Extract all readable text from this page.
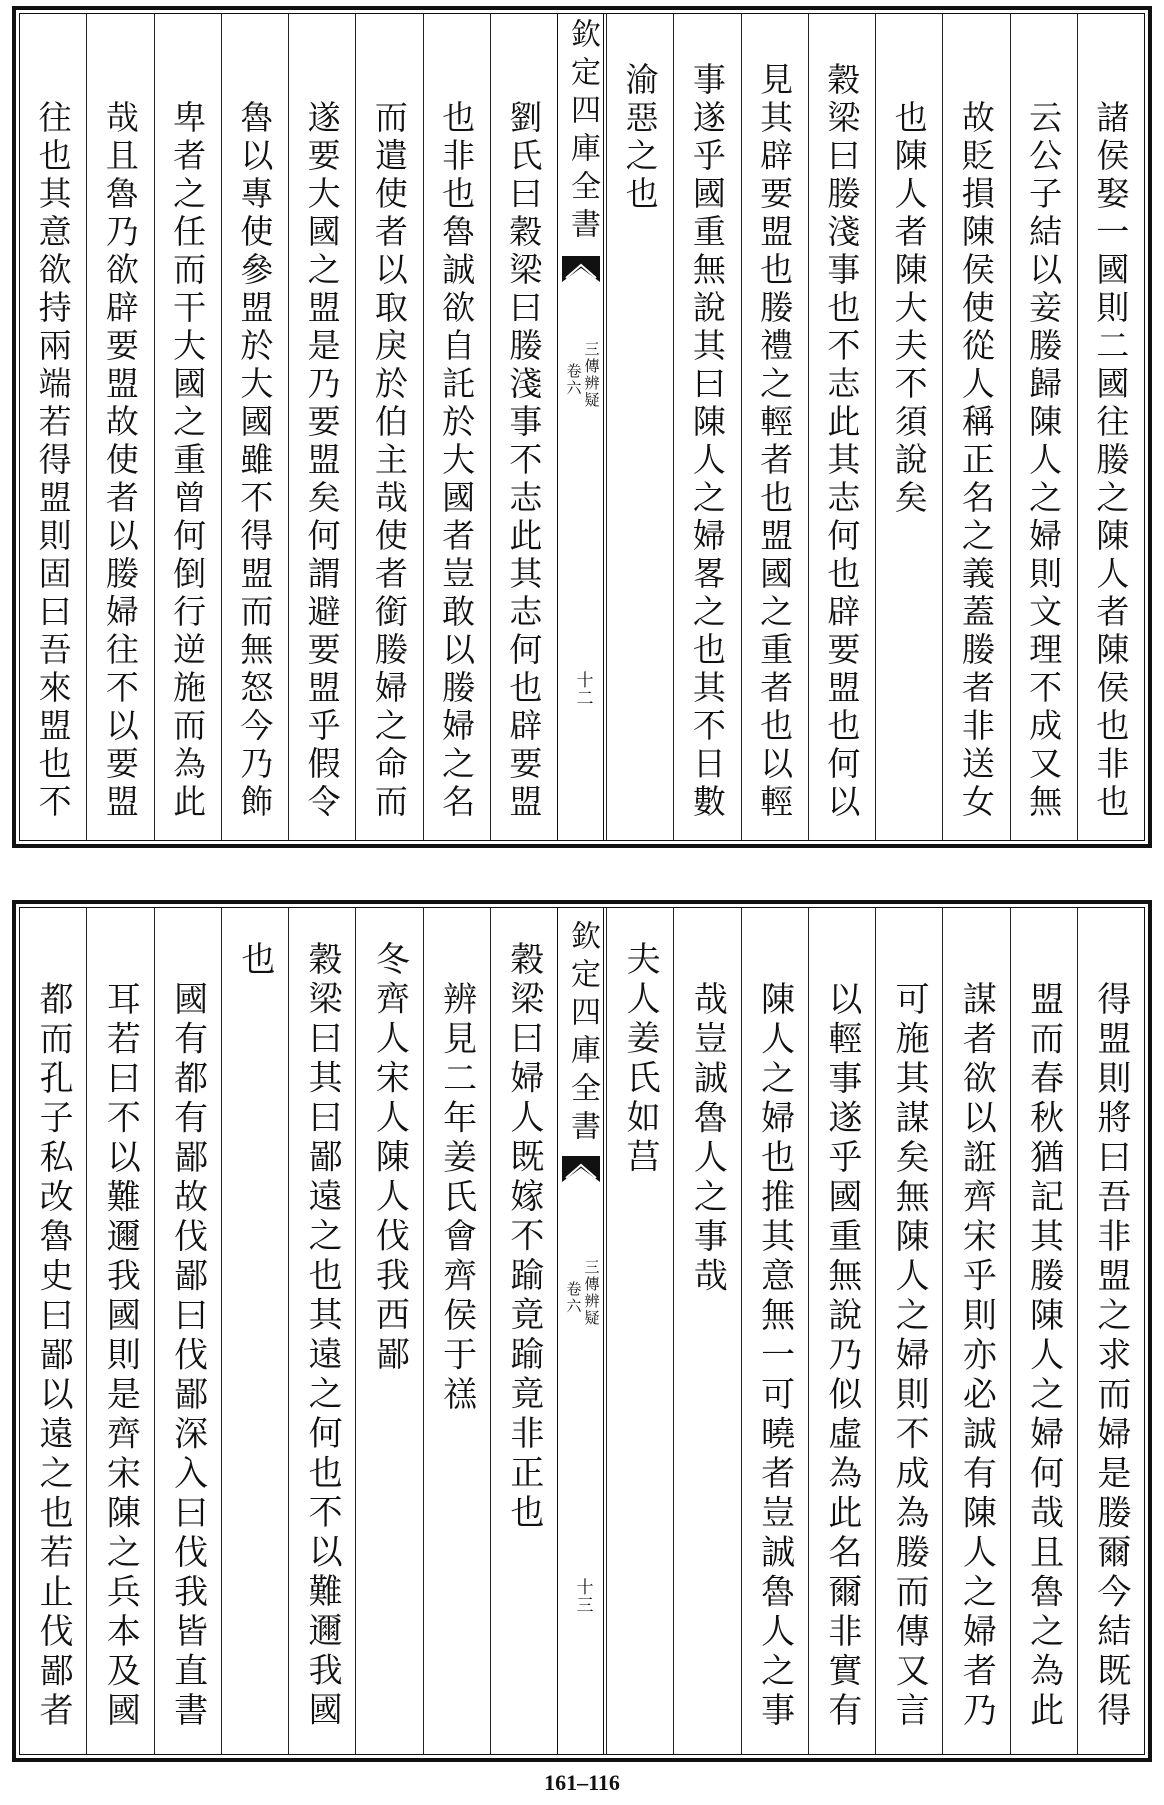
諸侯娶一國則二國往媵之陳人者陳侯也非也
云公子結以妾媵歸陳人之婦則文理不成又無
故貶損陳侯使從人稱正名之義蓋媵者非送女
也陳人者陳大夫不須說矣
穀梁曰媵淺事也不志此其志何也辟要盟也何以
見其辟要盟也媵禮之輕者也盟國之重者也以輕
事遂乎國重無說其曰陳人之婦畧之也其不日數
渝惡之也
欽定四庫全書
三傳辨疑
卷六
十二
劉氏曰穀梁曰媵淺事不志此其志何也辟要盟
也非也魯誠欲自託於大國者豈敢以媵婦之名
而遣使者以取戾於伯主哉使者銜媵婦之命而
遂要大國之盟是乃要盟矣何謂避要盟乎假令
魯以專使參盟於大國雖不得盟而無怒今乃飾
卑者之任而干大國之重曾何倒行逆施而為此
哉且魯乃欲辟要盟故使者以媵婦往不以要盟
往也其意欲持兩端若得盟則固曰吾來盟也不
得盟則將曰吾非盟之求而婦是媵爾今結既得
盟而春秋猶記其媵陳人之婦何哉且魯之為此
謀者欲以誑齊宋乎則亦必誠有陳人之婦者乃
可施其謀矣無陳人之婦則不成為媵而傳又言
以輕事遂乎國重無說乃似虛為此名爾非實有
陳人之婦也推其意無一可曉者豈誠魯人之事
哉豈誠魯人之事哉
夫人姜氏如莒
欽定四庫全書
三傳辨疑
卷六
十三
穀梁曰婦人既嫁不踰竟踰竟非正也
辨見二年姜氏會齊侯于禚
冬齊人宋人陳人伐我西鄙
穀梁曰其曰鄙遠之也其遠之何也不以難邇我國
也
國有都有鄙故伐鄙曰伐鄙深入曰伐我皆直書
耳若曰不以難邇我國則是齊宋陳之兵本及國
都而孔子私改魯史曰鄙以遠之也若止伐鄙者
161–116
